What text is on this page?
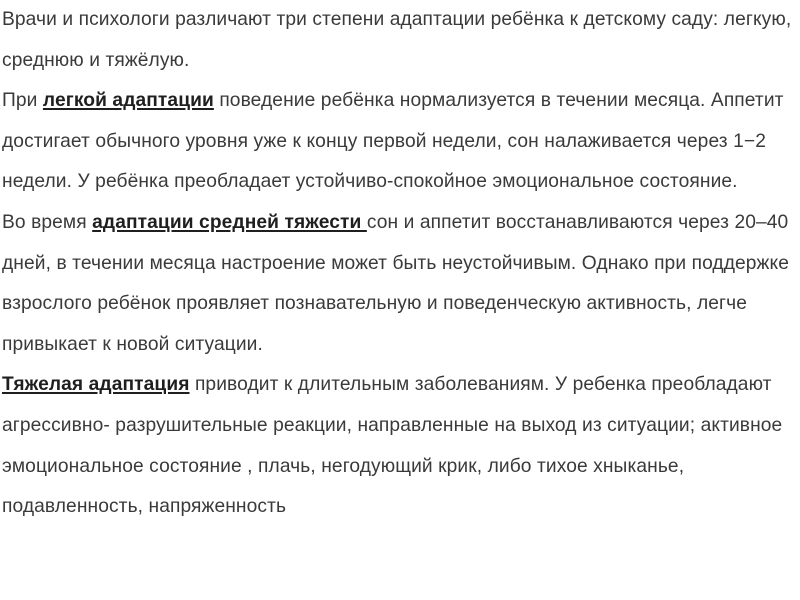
Врачи и психологи различают три степени адаптации ребёнка к детскому саду: легкую, среднюю и тяжёлую.

При легкой адаптации поведение ребёнка нормализуется в течении месяца. Аппетит достигает обычного уровня уже к концу первой недели, сон налаживается через 1−2 недели. У ребёнка преобладает устойчиво-спокойное эмоциональное состояние.

Во время адаптации средней тяжести сон и аппетит восстанавливаются через 20–40 дней, в течении месяца настроение может быть неустойчивым. Однако при поддержке взрослого ребёнок проявляет познавательную и поведенческую активность, легче привыкает к новой ситуации.

Тяжелая адаптация приводит к длительным заболеваниям. У ребенка преобладают агрессивно- разрушительные реакции, направленные на выход из ситуации; активное эмоциональное состояние , плачь, негодующий крик, либо тихое хныканье, подавленность, напряженность
